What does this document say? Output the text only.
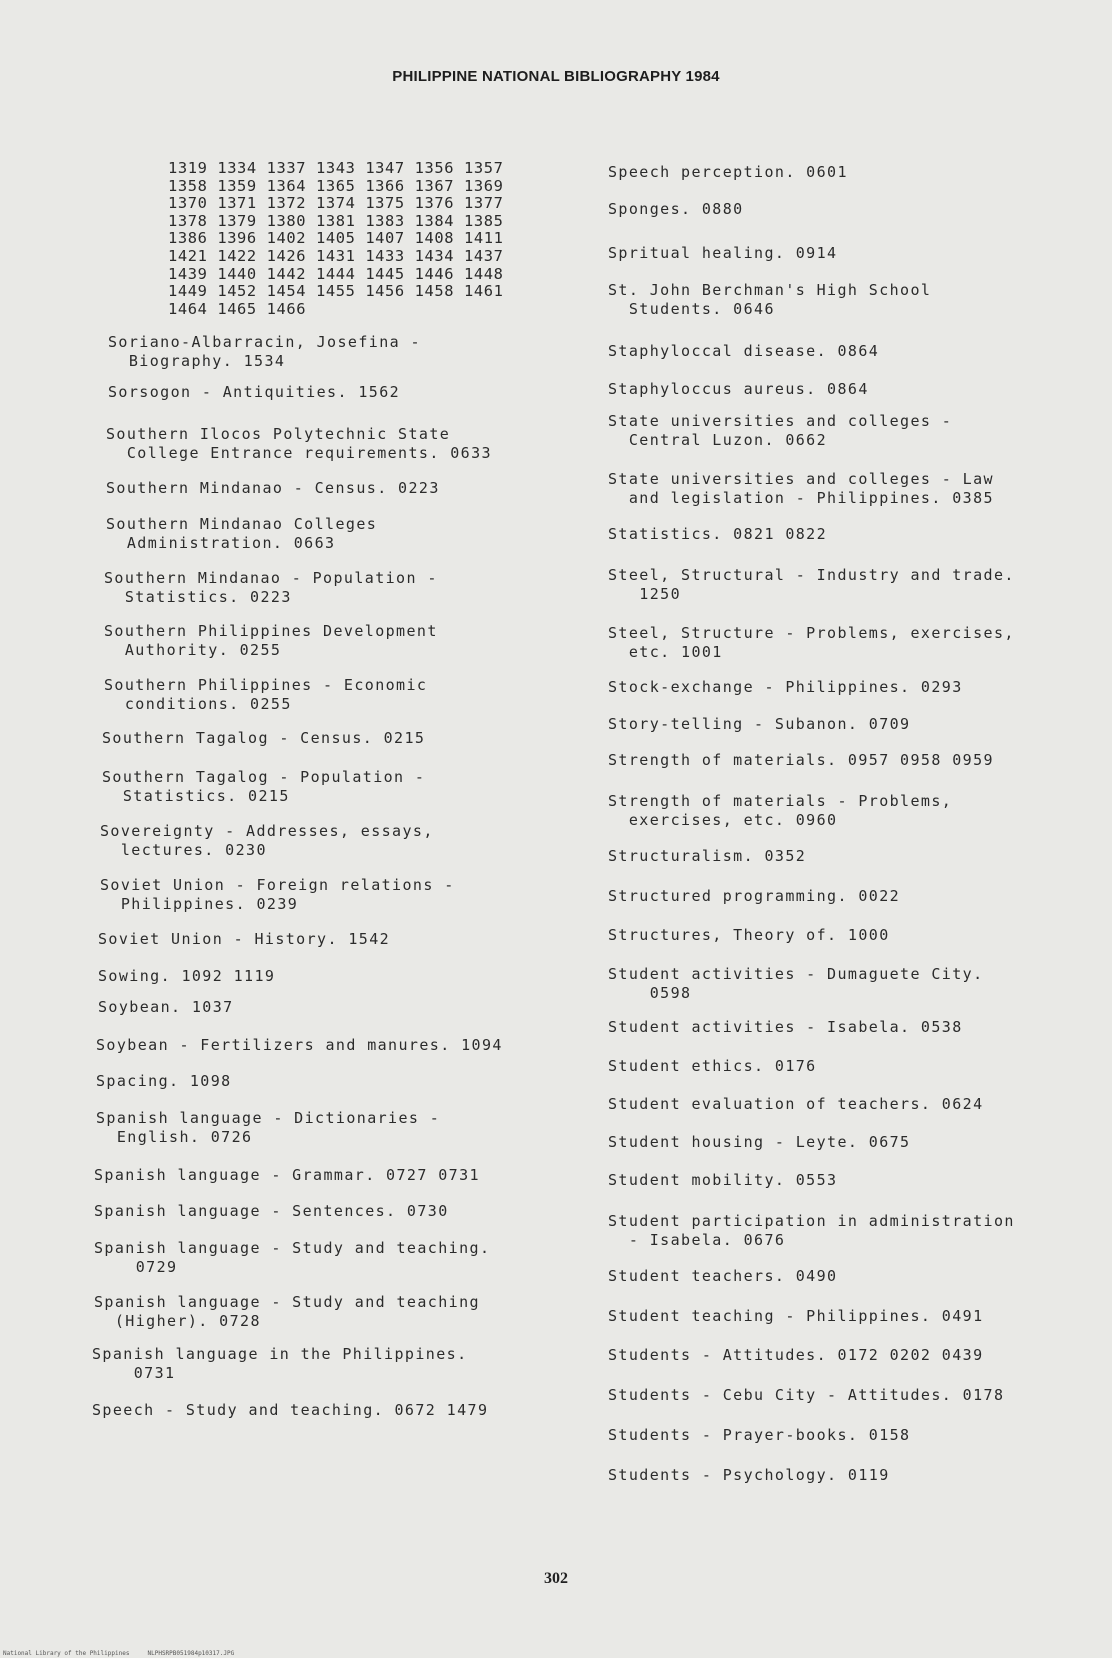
PHILIPPINE NATIONAL BIBLIOGRAPHY 1984
1319 1334 1337 1343 1347 1356 1357
1358 1359 1364 1365 1366 1367 1369
1370 1371 1372 1374 1375 1376 1377
1378 1379 1380 1381 1383 1384 1385
1386 1396 1402 1405 1407 1408 1411
1421 1422 1426 1431 1433 1434 1437
1439 1440 1442 1444 1445 1446 1448
1449 1452 1454 1455 1456 1458 1461
1464 1465 1466
Soriano-Albarracin, Josefina -
Biography. 1534
Sorsogon - Antiquities. 1562
Southern Ilocos Polytechnic State
College Entrance requirements. 0633
Southern Mindanao - Census. 0223
Southern Mindanao Colleges
Administration. 0663
Southern Mindanao - Population -
Statistics. 0223
Southern Philippines Development
Authority. 0255
Southern Philippines - Economic
conditions. 0255
Southern Tagalog - Census. 0215
Southern Tagalog - Population -
Statistics. 0215
Sovereignty - Addresses, essays,
lectures. 0230
Soviet Union - Foreign relations -
Philippines. 0239
Soviet Union - History. 1542
Sowing. 1092 1119
Soybean. 1037
Soybean - Fertilizers and manures. 1094
Spacing. 1098
Spanish language - Dictionaries -
English. 0726
Spanish language - Grammar. 0727 0731
Spanish language - Sentences. 0730
Spanish language - Study and teaching.
0729
Spanish language - Study and teaching
(Higher). 0728
Spanish language in the Philippines.
0731
Speech - Study and teaching. 0672 1479
Speech perception. 0601
Sponges. 0880
Spritual healing. 0914
St. John Berchman's High School
Students. 0646
Staphyloccal disease. 0864
Staphyloccus aureus. 0864
State universities and colleges -
Central Luzon. 0662
State universities and colleges - Law
and legislation - Philippines. 0385
Statistics. 0821 0822
Steel, Structural - Industry and trade.
1250
Steel, Structure - Problems, exercises,
etc. 1001
Stock-exchange - Philippines. 0293
Story-telling - Subanon. 0709
Strength of materials. 0957 0958 0959
Strength of materials - Problems,
exercises, etc. 0960
Structuralism. 0352
Structured programming. 0022
Structures, Theory of. 1000
Student activities - Dumaguete City.
0598
Student activities - Isabela. 0538
Student ethics. 0176
Student evaluation of teachers. 0624
Student housing - Leyte. 0675
Student mobility. 0553
Student participation in administration
- Isabela. 0676
Student teachers. 0490
Student teaching - Philippines. 0491
Students - Attitudes. 0172 0202 0439
Students - Cebu City - Attitudes. 0178
Students - Prayer-books. 0158
Students - Psychology. 0119
302
National Library of the Philippines     NLPHSRPB051984p10317.JPG
